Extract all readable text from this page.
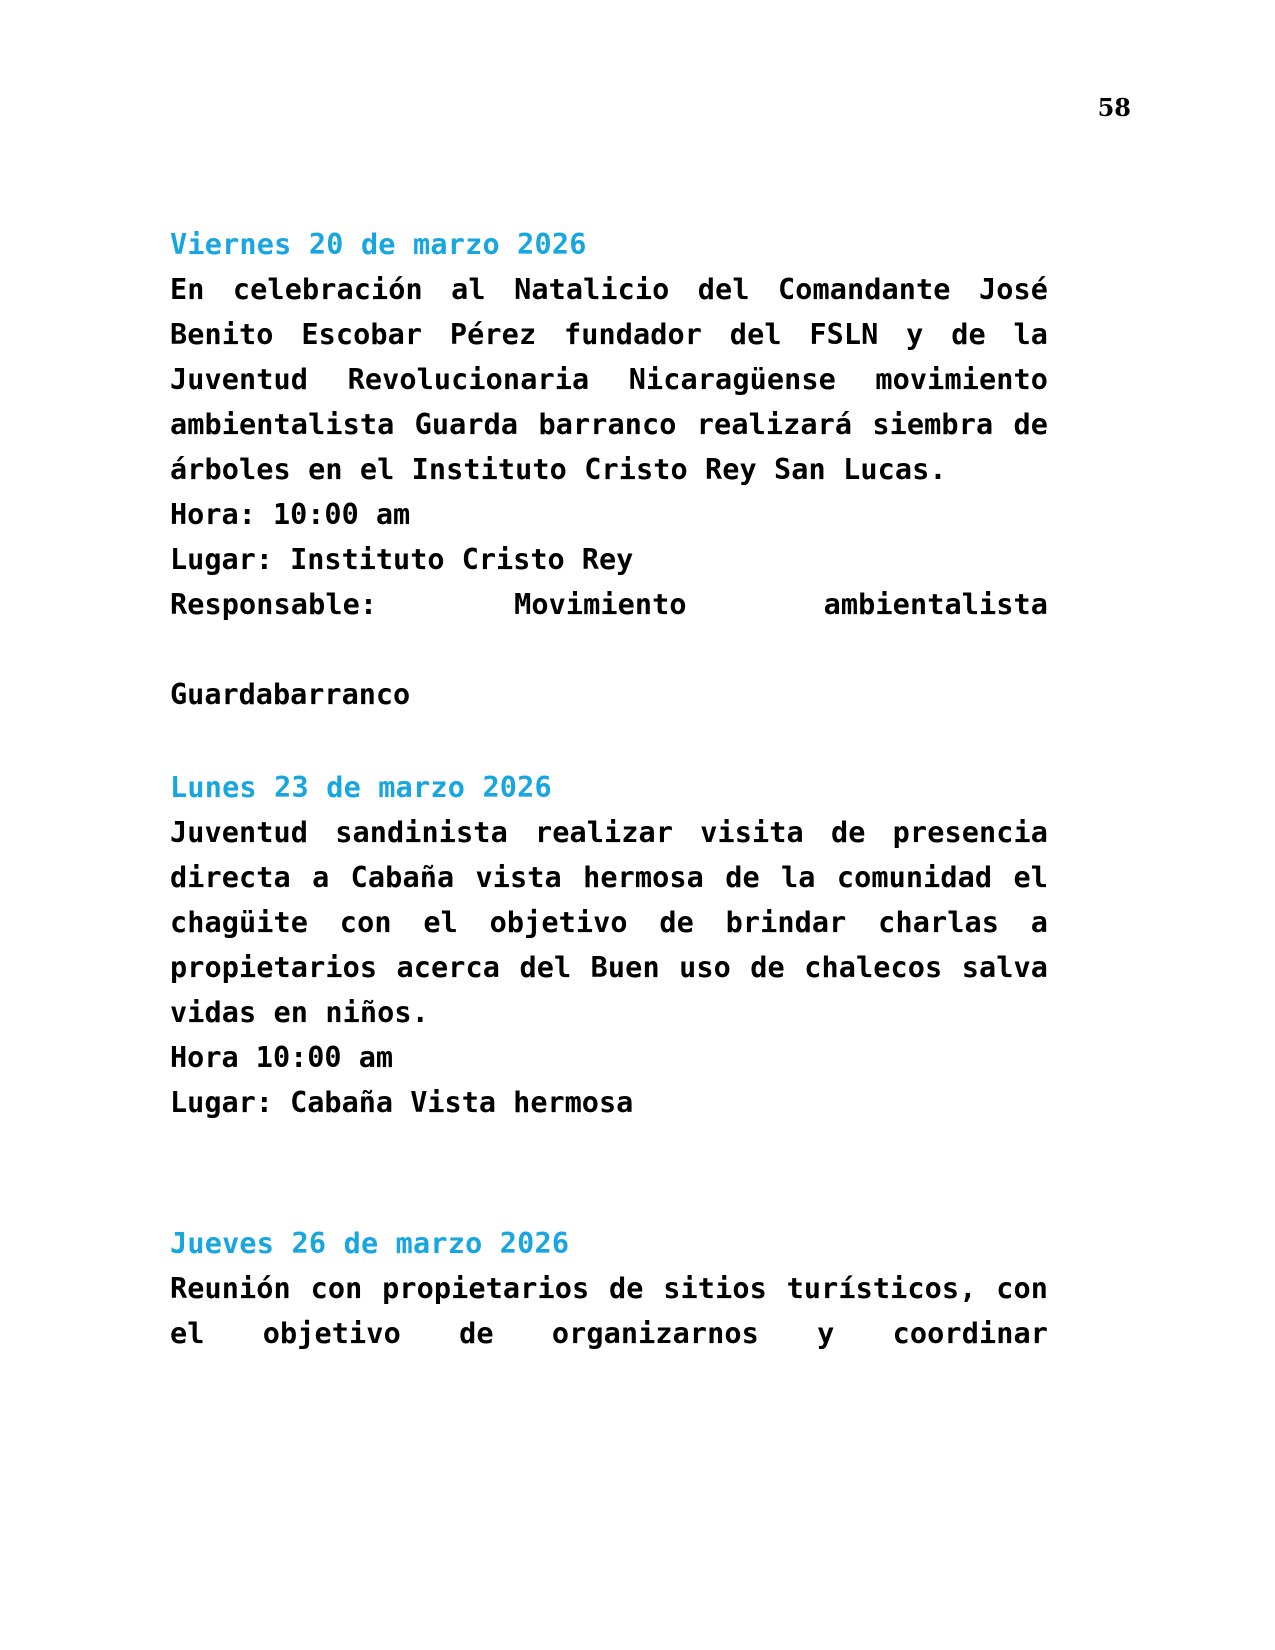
58
Viernes 20 de marzo 2026

En celebración al Natalicio del Comandante José Benito Escobar Pérez fundador del FSLN y de la Juventud Revolucionaria Nicaragüense movimiento ambientalista Guarda barranco realizará siembra de árboles en el Instituto Cristo Rey San Lucas.

Hora: 10:00 am
Lugar: Instituto Cristo Rey

Responsable:	Movimiento ambientalista

Guardabarranco
Lunes 23 de marzo 2026

Juventud sandinista realizar visita de presencia directa a Cabaña vista hermosa de la comunidad el chagüite con el objetivo de brindar charlas a propietarios acerca del Buen uso de chalecos salva vidas en niños.

Hora 10:00 am
Lugar: Cabaña Vista hermosa
Jueves 26 de marzo 2026

Reunión con propietarios de sitios turísticos, con el objetivo de organizarnos y coordinar
